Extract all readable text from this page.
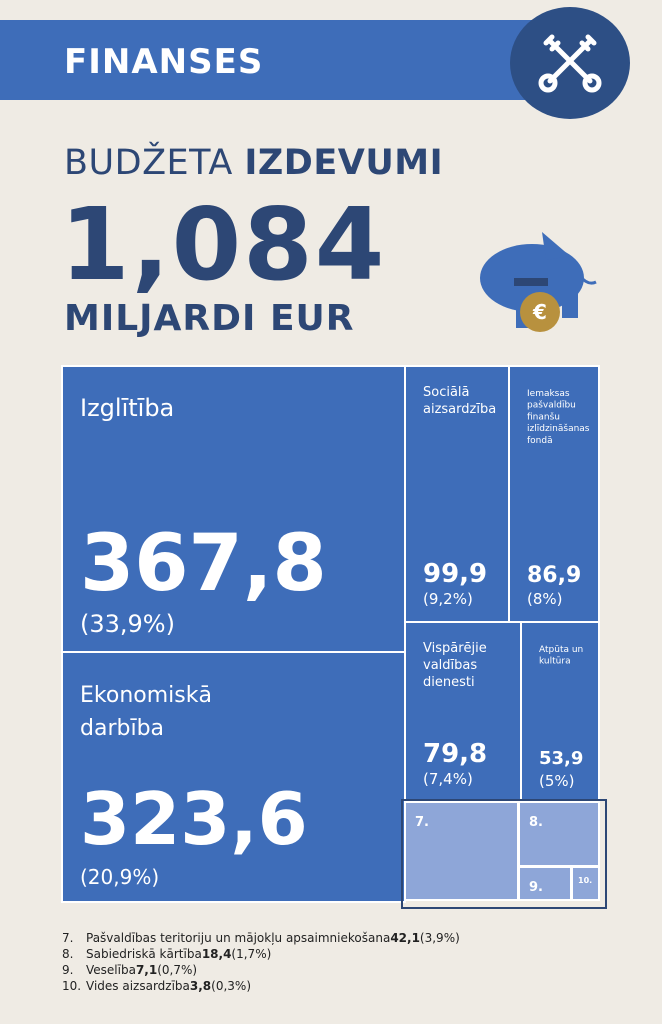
FINANSES
BUDŽETA IZDEVUMI
1,084
MILJARDI EUR	€
Izglītība
367,8
(33,9%)
Ekonomiskā
darbība
323,6
(20,9%)
Sociālā
aizsardzība
99,9
(9,2%)
Iemaksas
pašvaldību
finanšu
izlīdzināšanas
fondā
86,9
(8%)
Vispārējie
valdības
dienesti
79,8
(7,4%)
Atpūta un
kultūra
53,9
(5%)
7.	8.
9.	10.
7.	Pašvaldības teritoriju un mājokļu apsaimniekošana 42,1 (3,9%)
8.	Sabiedriskā kārtība 18,4 (1,7%)
9.	Veselība 7,1 (0,7%)
10. Vides aizsardzība 3,8 (0,3%)
